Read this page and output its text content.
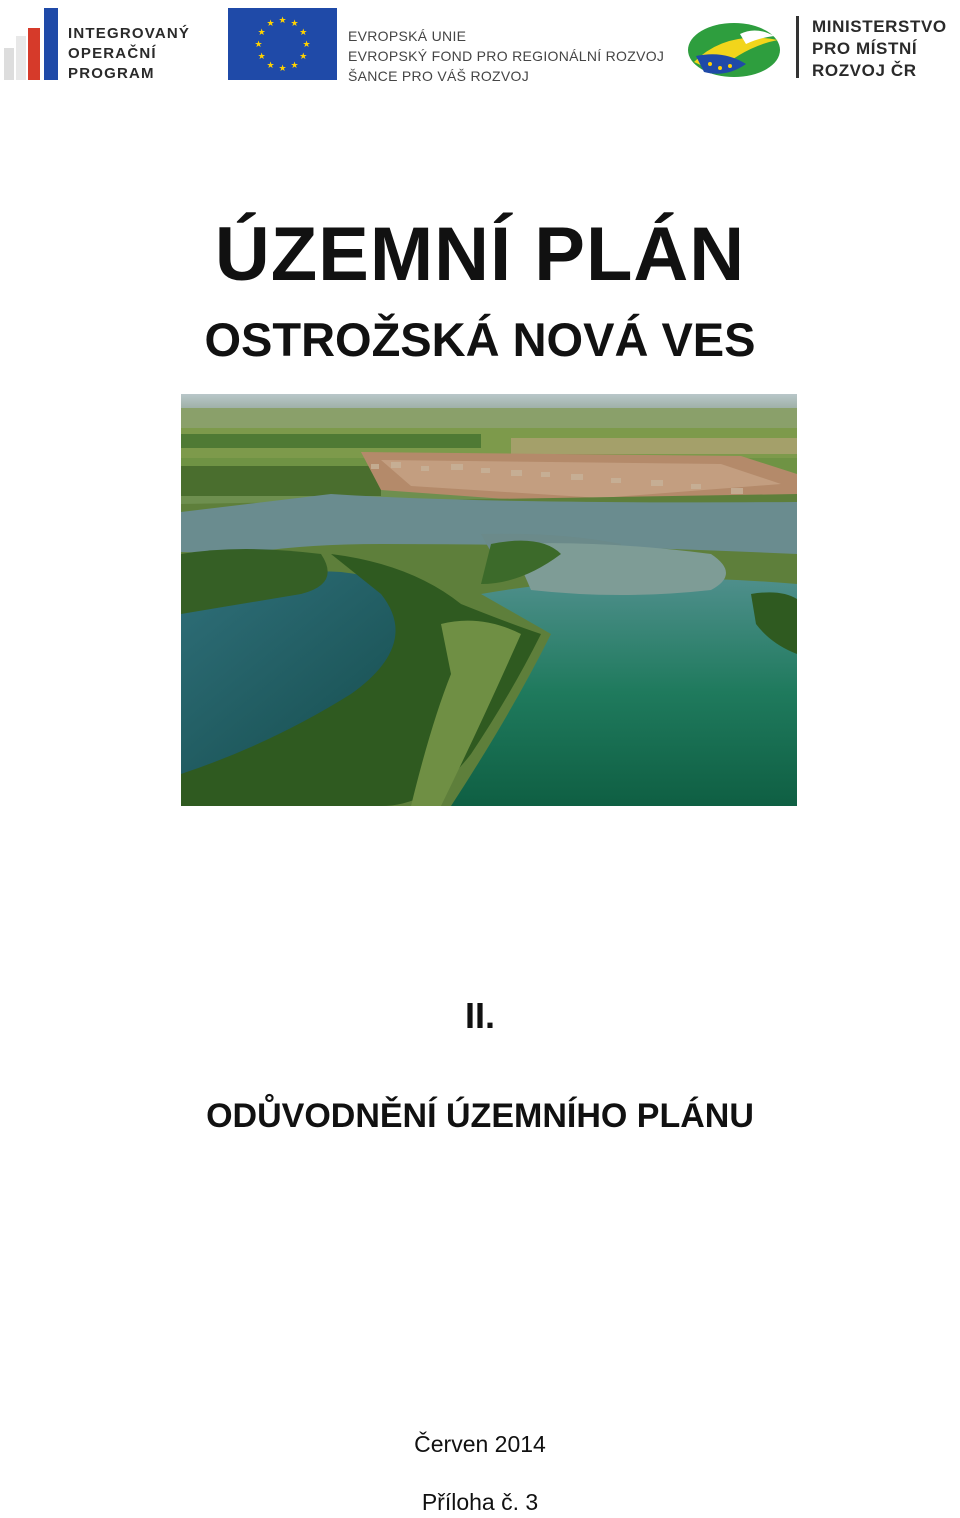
INTEGROVANÝ
OPERAČNÍ
PROGRAM
★ ★
★
★
★
★
★
★
★
★
★
★
EVROPSKÁ UNIE
EVROPSKÝ FOND PRO REGIONÁLNÍ ROZVOJ
ŠANCE PRO VÁŠ ROZVOJ
MINISTERSTVO
PRO MÍSTNÍ
ROZVOJ ČR
ÚZEMNÍ PLÁN
OSTROŽSKÁ NOVÁ VES
II.
ODŮVODNĚNÍ ÚZEMNÍHO PLÁNU
Červen 2014
Příloha č. 3
